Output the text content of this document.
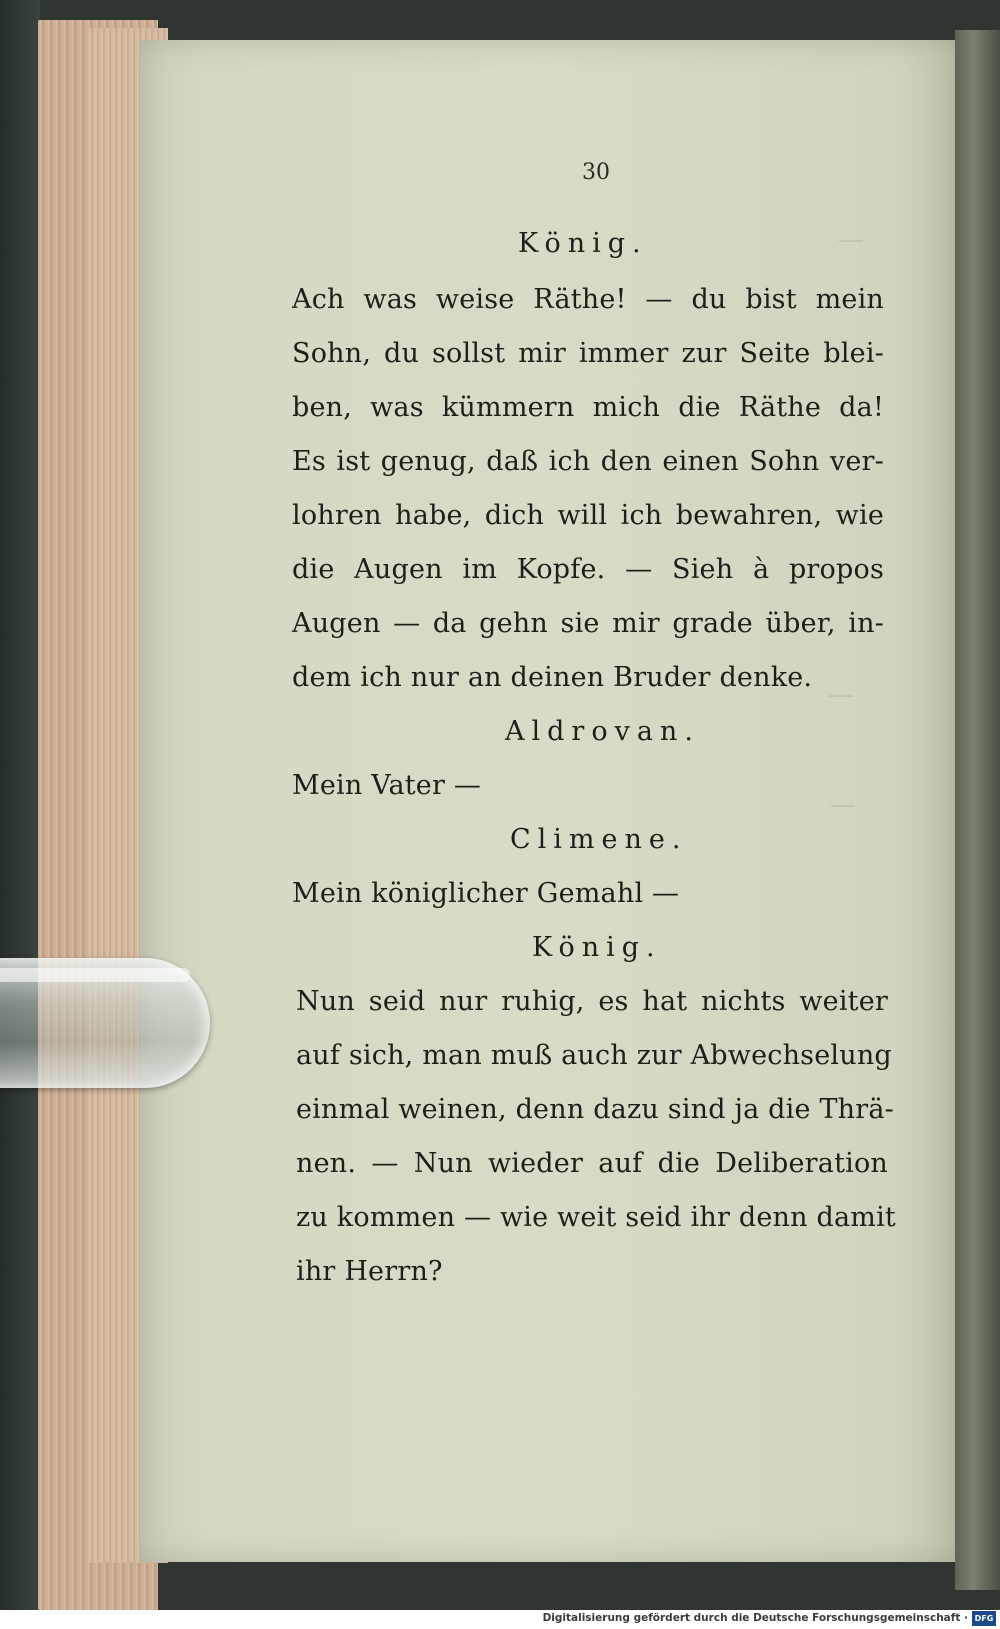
—
—
—
30
König.
Ach was weise Räthe! — du bist mein
Sohn, du sollst mir immer zur Seite blei-
ben, was kümmern mich die Räthe da!
Es ist genug, daß ich den einen Sohn ver-
lohren habe, dich will ich bewahren, wie
die Augen im Kopfe. — Sieh à propos
Augen — da gehn sie mir grade über, in-
dem ich nur an deinen Bruder denke.
Aldrovan.
Mein Vater —
Climene.
Mein königlicher Gemahl —
König.
Nun seid nur ruhig, es hat nichts weiter
auf sich, man muß auch zur Abwechselung
einmal weinen, denn dazu sind ja die Thrä-
nen. — Nun wieder auf die Deliberation
zu kommen — wie weit seid ihr denn damit
ihr Herrn?
Digitalisierung gefördert durch die Deutsche Forschungsgemeinschaft · DFG
